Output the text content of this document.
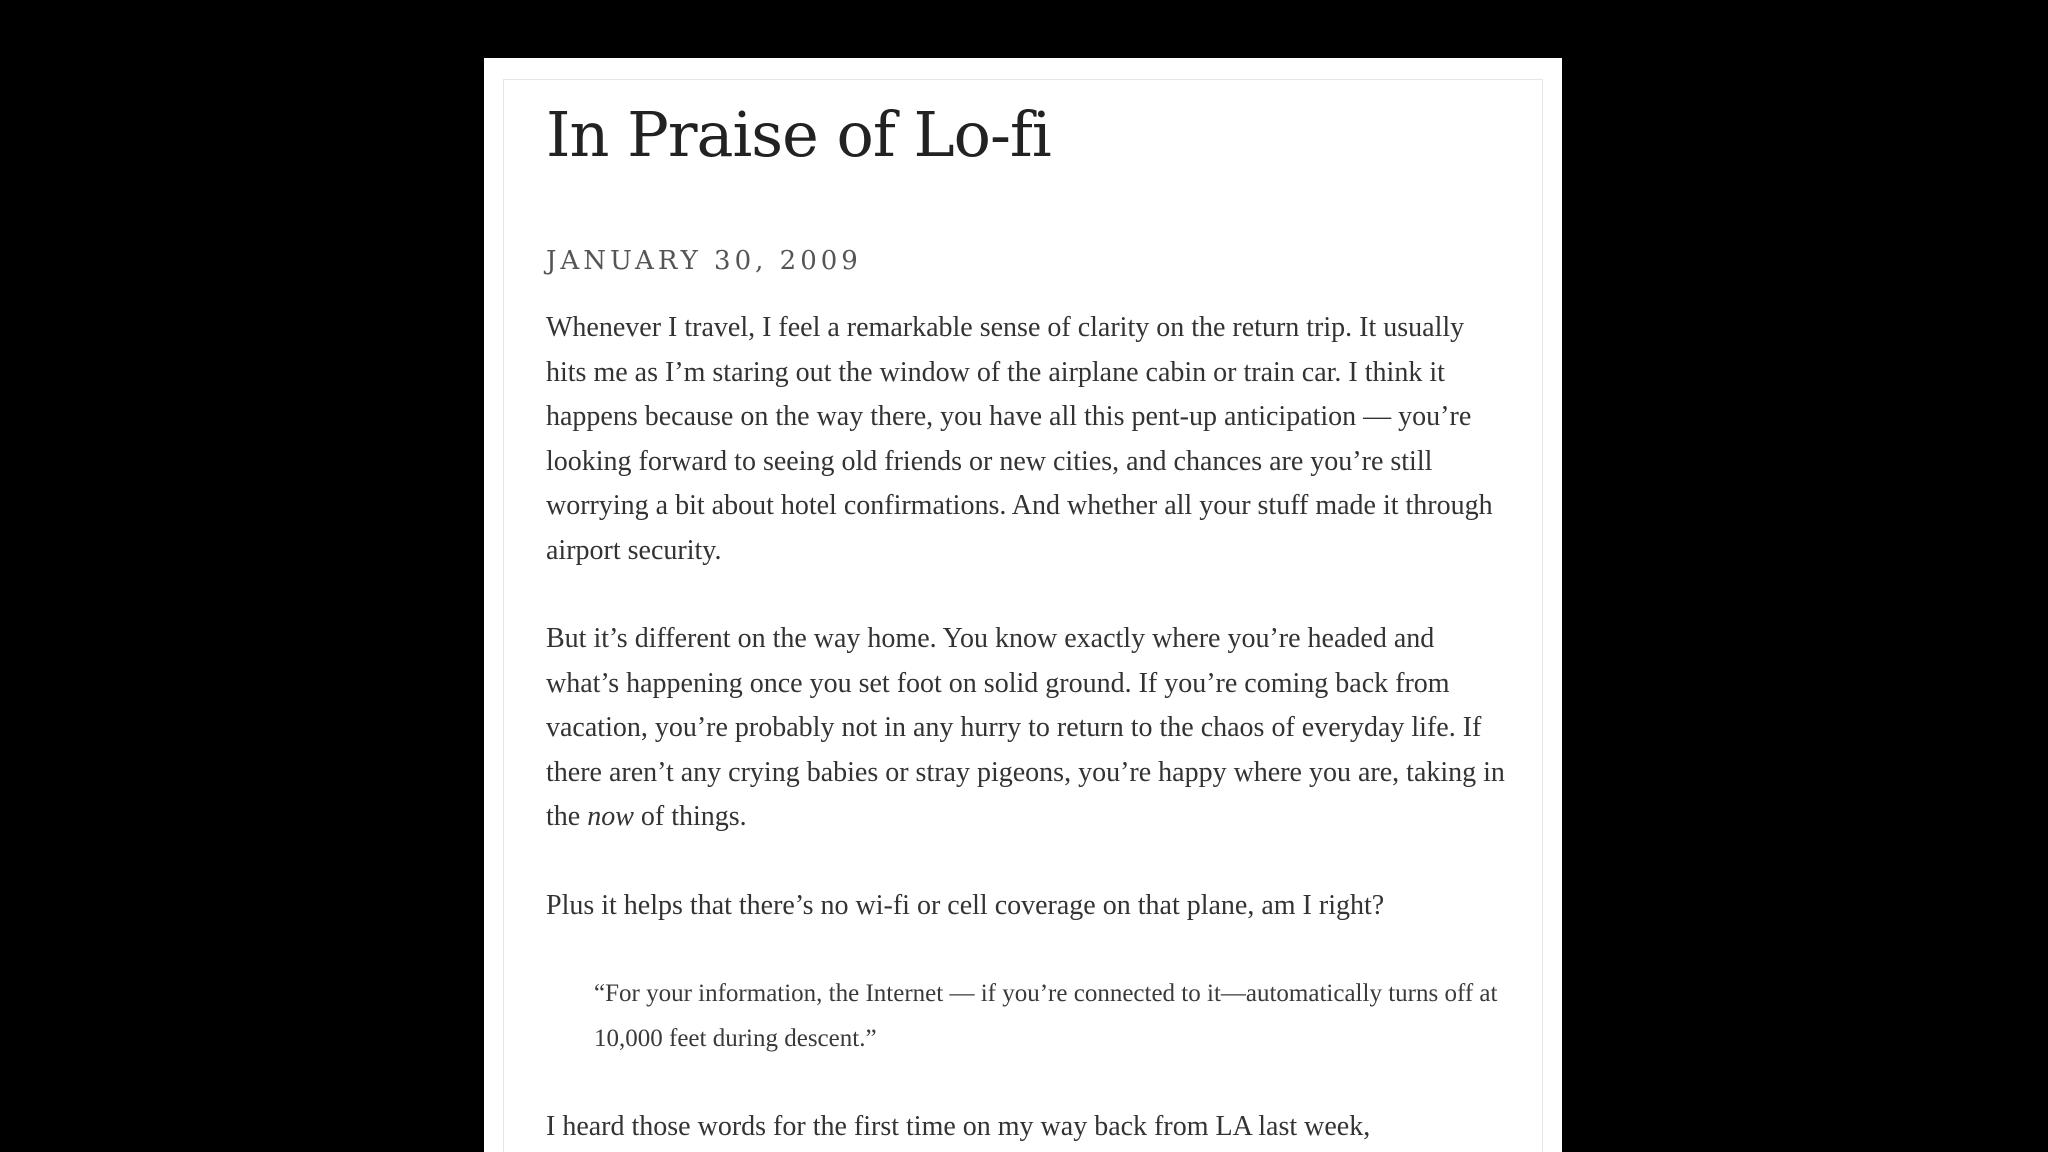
In Praise of Lo-fi
JANUARY 30, 2009

Whenever I travel, I feel a remarkable sense of clarity on the return trip. It usually hits me as I’m staring out the window of the airplane cabin or train car. I think it happens because on the way there, you have all this pent-up anticipation — you’re looking forward to seeing old friends or new cities, and chances are you’re still worrying a bit about hotel confirmations. And whether all your stuff made it through airport security.

But it’s different on the way home. You know exactly where you’re headed and what’s happening once you set foot on solid ground. If you’re coming back from vacation, you’re probably not in any hurry to return to the chaos of everyday life. If there aren’t any crying babies or stray pigeons, you’re happy where you are, taking in the now of things.

Plus it helps that there’s no wi-fi or cell coverage on that plane, am I right?

“For your information, the Internet — if you’re connected to it—automatically turns off at 10,000 feet during descent.”

I heard those words for the first time on my way back from LA last week,
